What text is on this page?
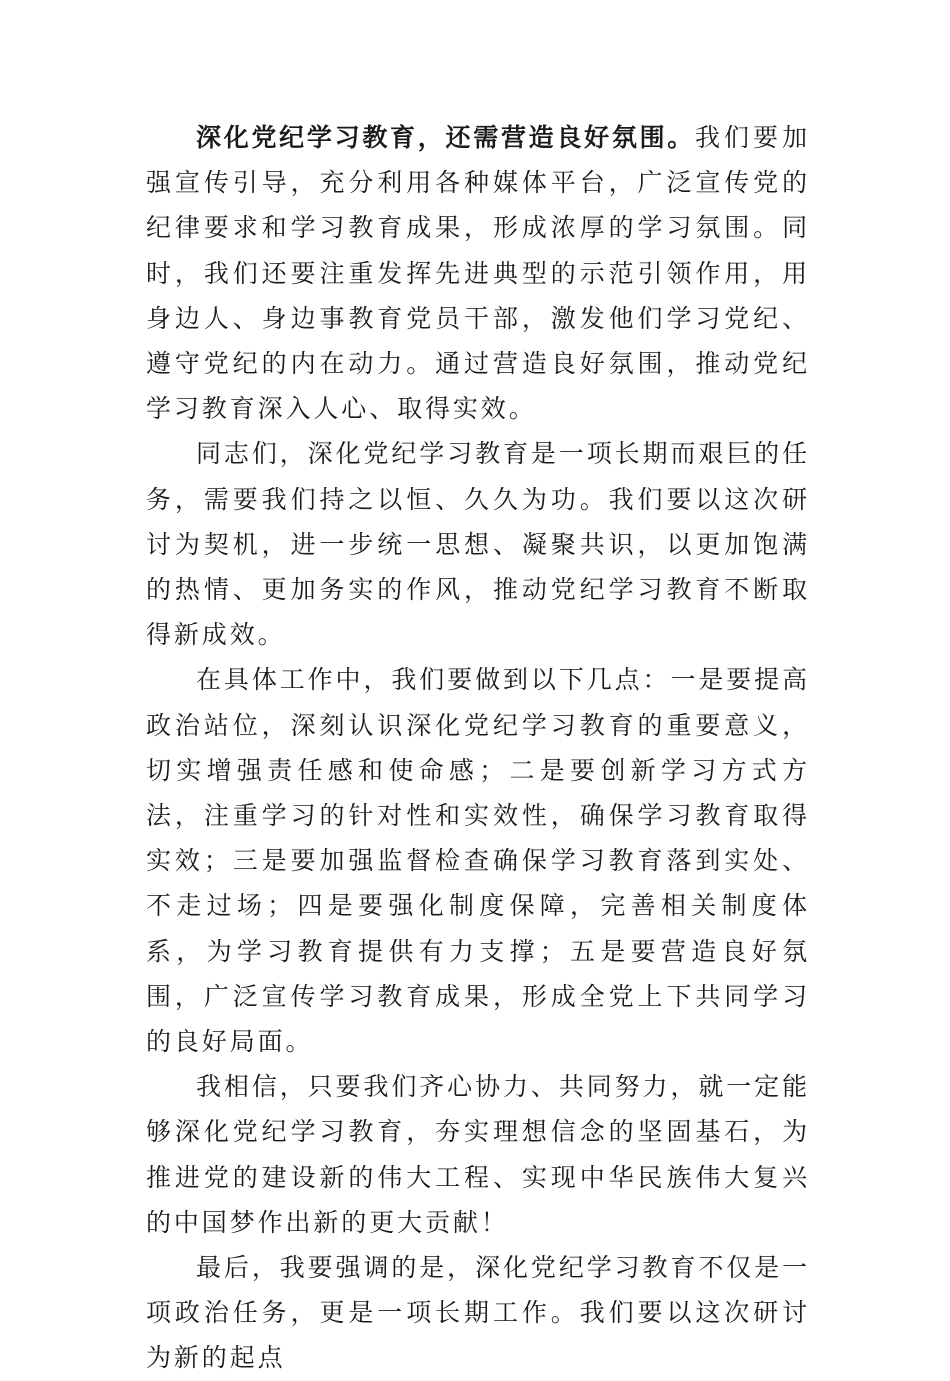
深化党纪学习教育，还需营造良好氛围。我们要加强宣传引导，充分利用各种媒体平台，广泛宣传党的纪律要求和学习教育成果，形成浓厚的学习氛围。同时，我们还要注重发挥先进典型的示范引领作用，用身边人、身边事教育党员干部，激发他们学习党纪、遵守党纪的内在动力。通过营造良好氛围，推动党纪学习教育深入人心、取得实效。

同志们，深化党纪学习教育是一项长期而艰巨的任务，需要我们持之以恒、久久为功。我们要以这次研讨为契机，进一步统一思想、凝聚共识，以更加饱满的热情、更加务实的作风，推动党纪学习教育不断取得新成效。

在具体工作中，我们要做到以下几点：一是要提高政治站位，深刻认识深化党纪学习教育的重要意义，切实增强责任感和使命感；二是要创新学习方式方法，注重学习的针对性和实效性，确保学习教育取得实效；三是要加强监督检查确保学习教育落到实处、不走过场；四是要强化制度保障，完善相关制度体系，为学习教育提供有力支撑；五是要营造良好氛围，广泛宣传学习教育成果，形成全党上下共同学习的良好局面。

我相信，只要我们齐心协力、共同努力，就一定能够深化党纪学习教育，夯实理想信念的坚固基石，为推进党的建设新的伟大工程、实现中华民族伟大复兴的中国梦作出新的更大贡献！

最后，我要强调的是，深化党纪学习教育不仅是一项政治任务，更是一项长期工作。我们要以这次研讨为新的起点
